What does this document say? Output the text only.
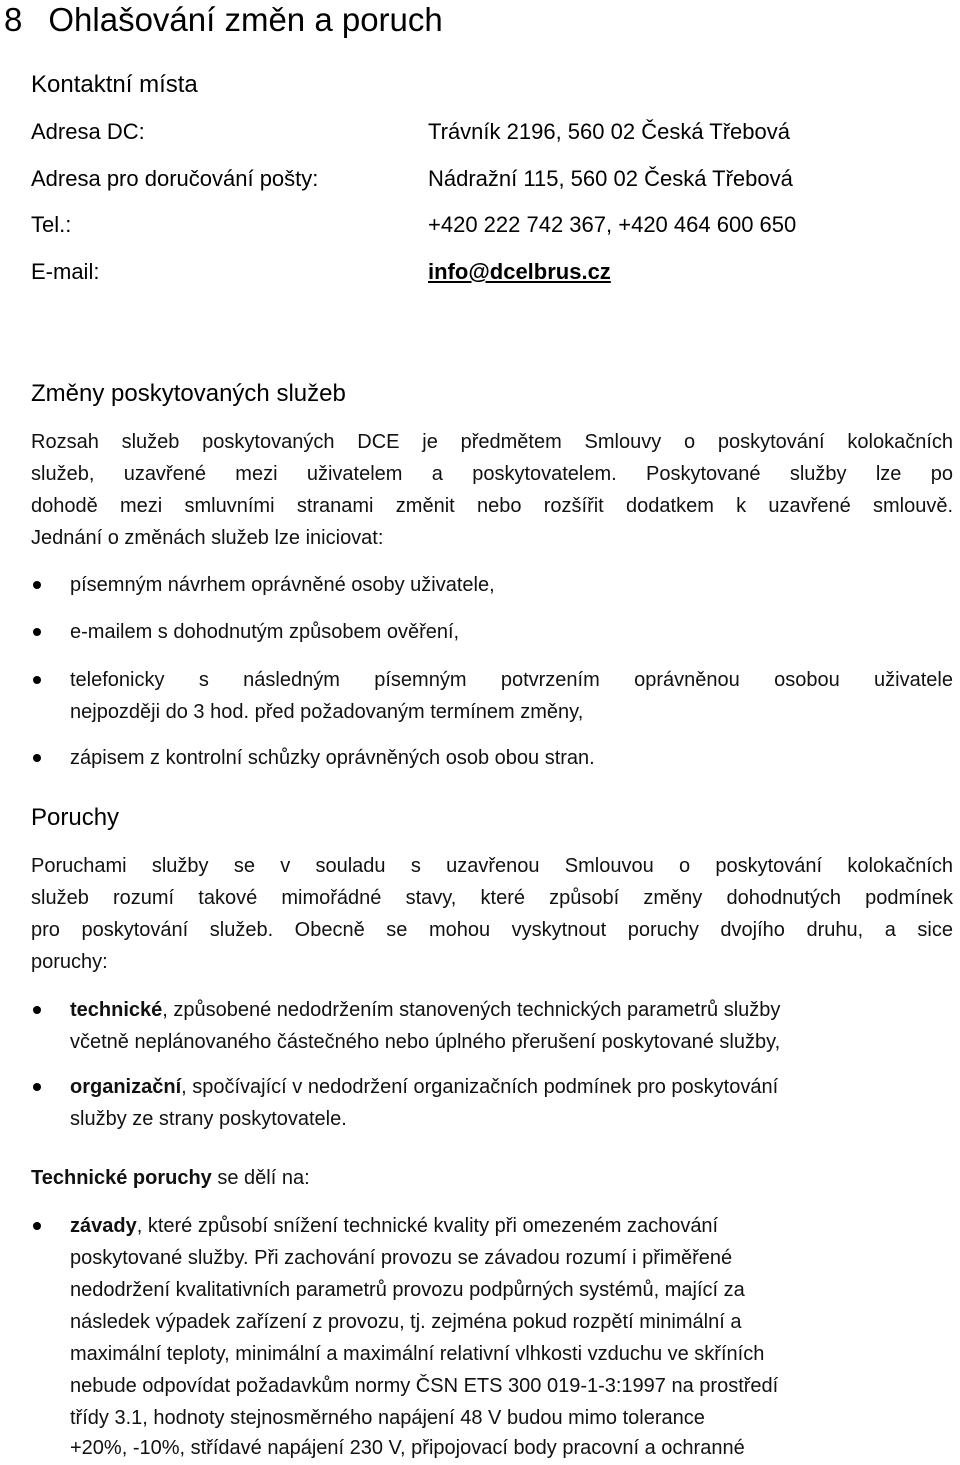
8 Ohlašování změn a poruch
Kontaktní místa
Adresa DC:	Trávník 2196, 560 02 Česká Třebová
Adresa pro doručování pošty:	Nádražní 115, 560 02 Česká Třebová
Tel.:	+420 222 742 367, +420 464 600 650
E-mail:	info@dcelbrus.cz
Změny poskytovaných služeb
Rozsah služeb poskytovaných DCE je předmětem Smlouvy o poskytování kolokačních
služeb, uzavřené mezi uživatelem a poskytovatelem. Poskytované služby lze po
dohodě mezi smluvními stranami změnit nebo rozšířit dodatkem k uzavřené smlouvě.
Jednání o změnách služeb lze iniciovat:
písemným návrhem oprávněné osoby uživatele,
e-mailem s dohodnutým způsobem ověření,
telefonicky s následným písemným potvrzením oprávněnou osobou uživatele
nejpozději do 3 hod. před požadovaným termínem změny,
zápisem z kontrolní schůzky oprávněných osob obou stran.
Poruchy
Poruchami služby se v souladu s uzavřenou Smlouvou o poskytování kolokačních
služeb rozumí takové mimořádné stavy, které způsobí změny dohodnutých podmínek
pro poskytování služeb. Obecně se mohou vyskytnout poruchy dvojího druhu, a sice
poruchy:
technické, způsobené nedodržením stanovených technických parametrů služby
včetně neplánovaného částečného nebo úplného přerušení poskytované služby,
organizační, spočívající v nedodržení organizačních podmínek pro poskytování
služby ze strany poskytovatele.
Technické poruchy se dělí na:
závady, které způsobí snížení technické kvality při omezeném zachování
poskytované služby. Při zachování provozu se závadou rozumí i přiměřené
nedodržení kvalitativních parametrů provozu podpůrných systémů, mající za
následek výpadek zařízení z provozu, tj. zejména pokud rozpětí minimální a
maximální teploty, minimální a maximální relativní vlhkosti vzduchu ve skříních
nebude odpovídat požadavkům normy ČSN ETS 300 019-1-3:1997 na prostředí
třídy 3.1, hodnoty stejnosměrného napájení 48 V budou mimo tolerance
+20%, -10%, střídavé napájení 230 V, připojovací body pracovní a ochranné
